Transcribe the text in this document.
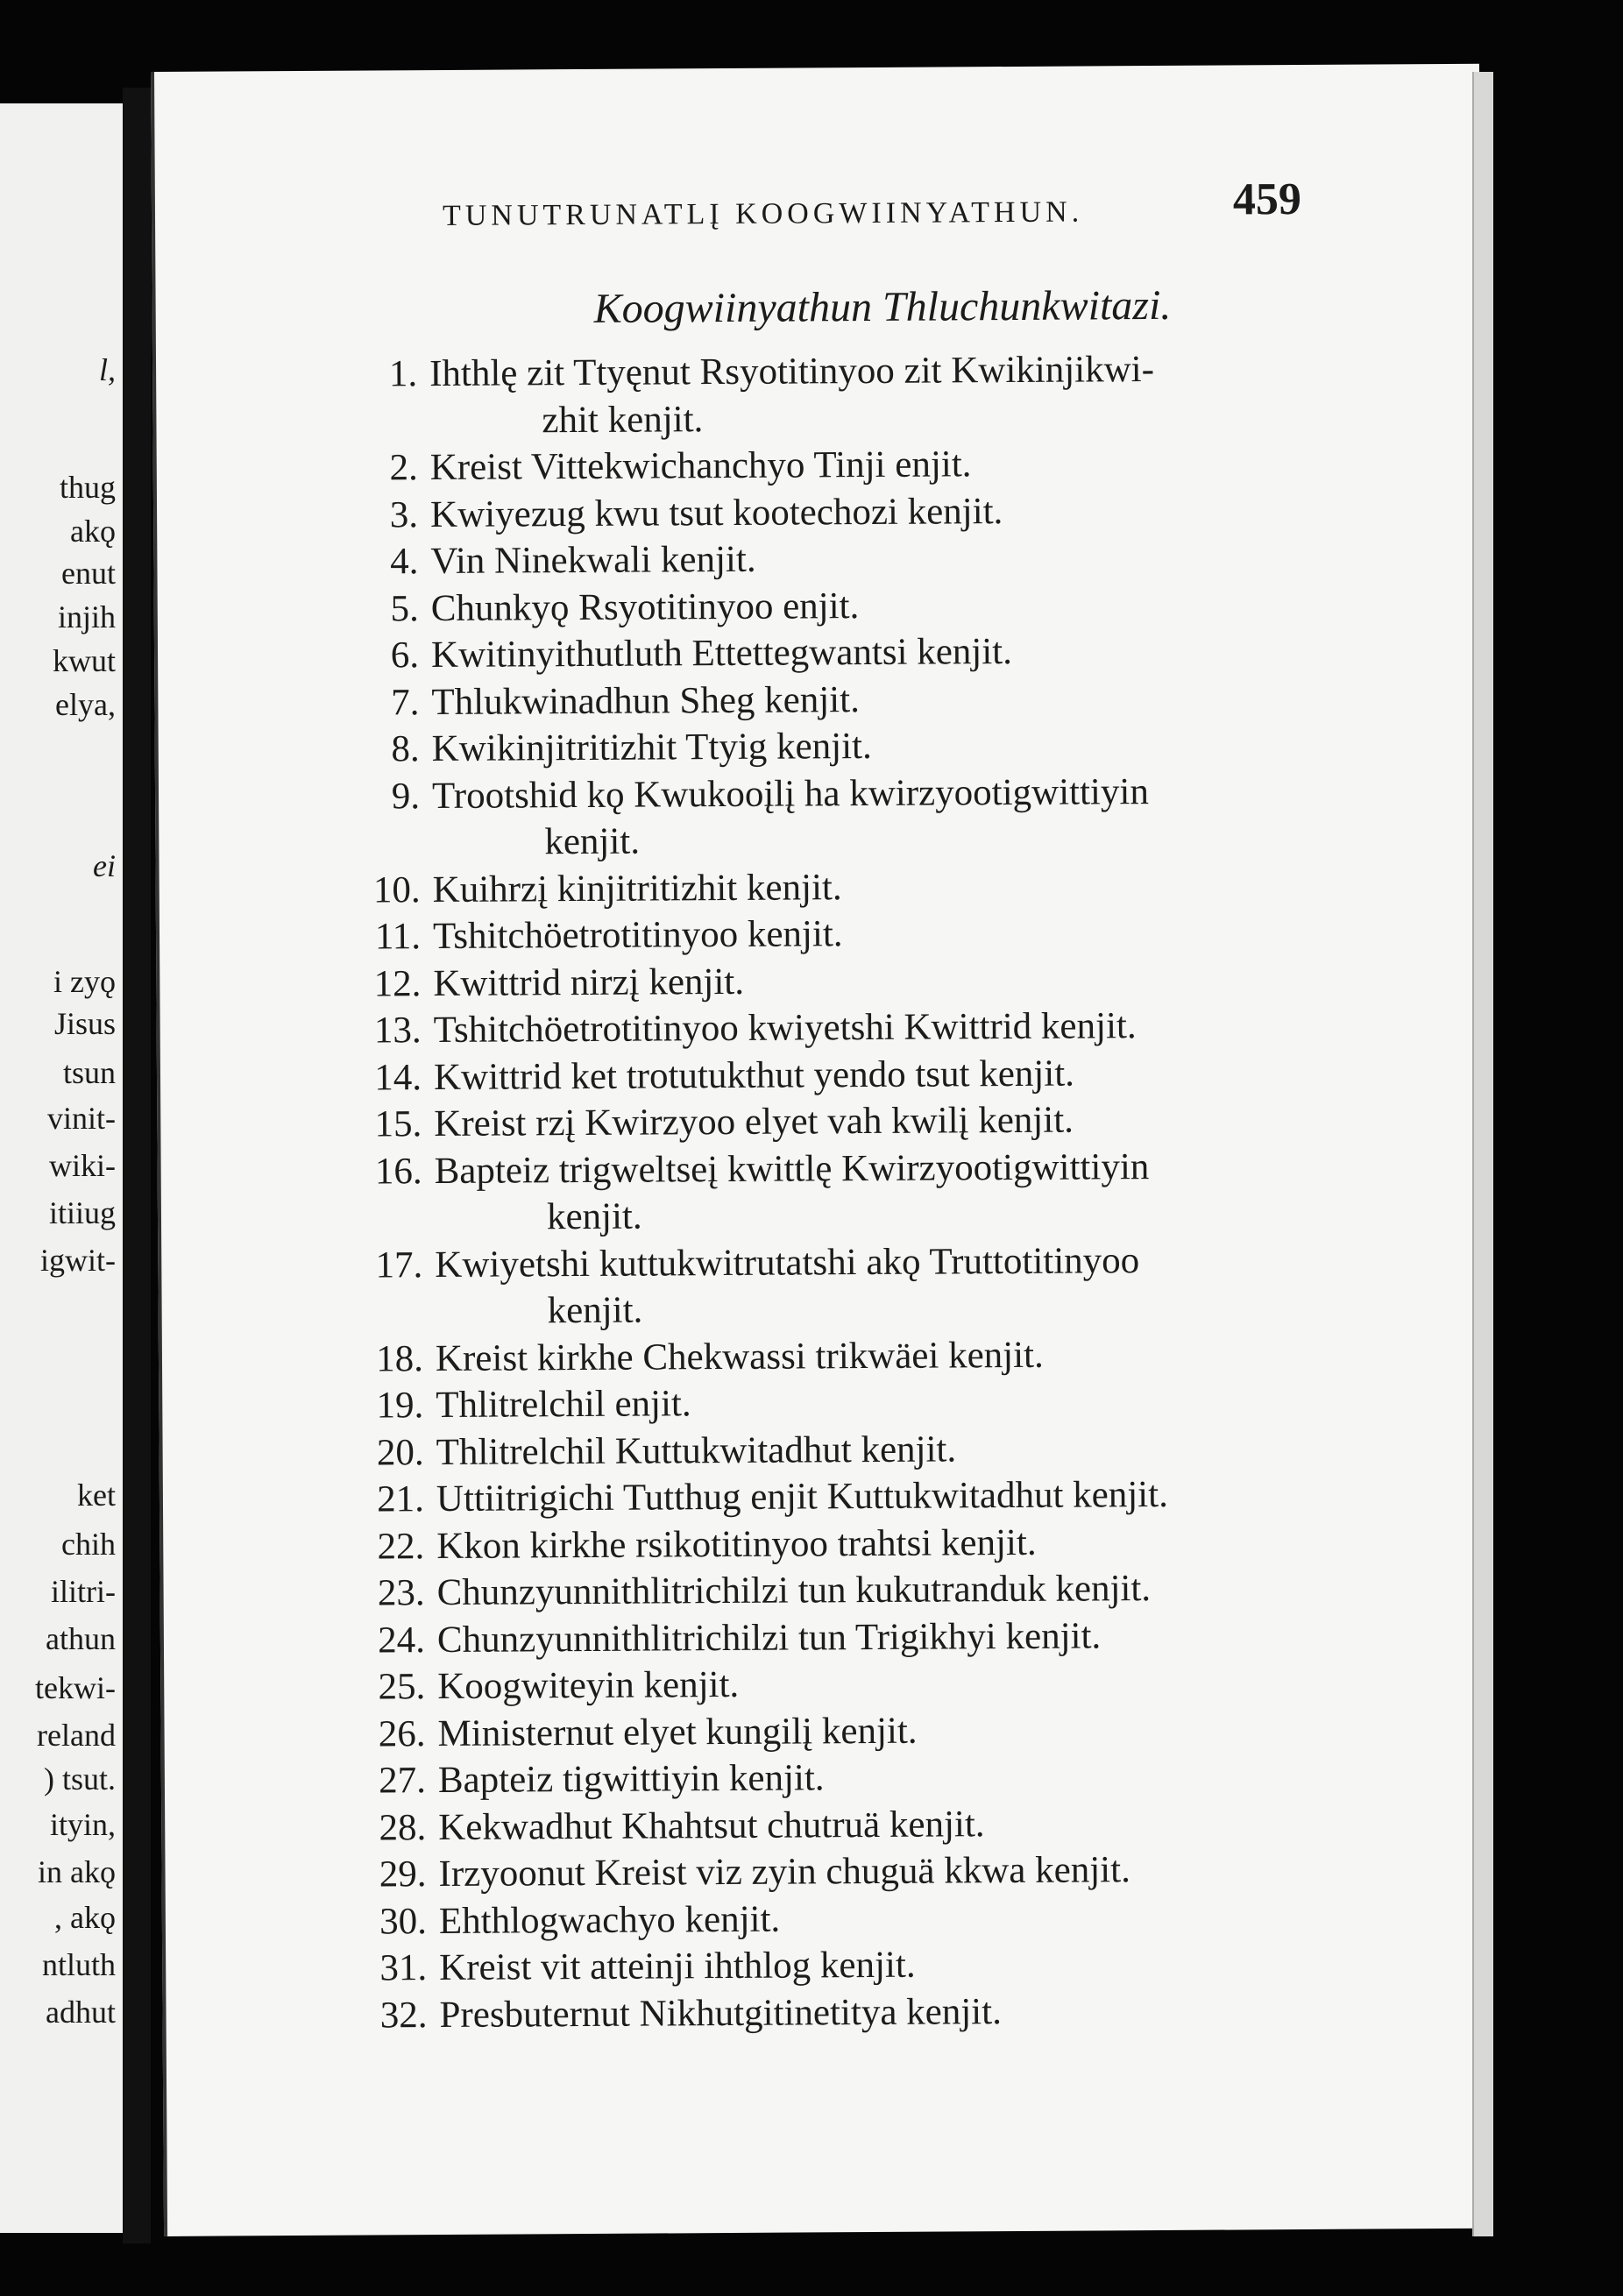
l,
thug
akǫ
enut
injih
kwut
elya,
ei
i zyǫ
Jisus
tsun
vinit-
wiki-
itiiug
igwit-
ket
chih
ilitri-
athun
tekwi-
reland
) tsut.
ityin,
in akǫ
, akǫ
ntluth
adhut
TUNUTRUNATLĮ KOOGWIINYATHUN.	459
Koogwiinyathun Thluchunkwitazi.
1. Ihthlę zit Ttyęnut Rsyotitinyoo zit Kwikinjikwi-
zhit kenjit.
2. Kreist Vittekwichanchyo Tinji enjit.
3. Kwiyezug kwu tsut kootechozi kenjit.
4. Vin Ninekwali kenjit.
5. Chunkyǫ Rsyotitinyoo enjit.
6. Kwitinyithutluth Ettettegwantsi kenjit.
7. Thlukwinadhun Sheg kenjit.
8. Kwikinjitritizhit Ttyig kenjit.
9. Trootshid kǫ Kwukooįlį ha kwirzyootigwittiyin
kenjit.
10. Kuihrzį kinjitritizhit kenjit.
11. Tshitchöetrotitinyoo kenjit.
12. Kwittrid nirzį kenjit.
13. Tshitchöetrotitinyoo kwiyetshi Kwittrid kenjit.
14. Kwittrid ket trotutukthut yendo tsut kenjit.
15. Kreist rzį Kwirzyoo elyet vah kwilį kenjit.
16. Bapteiz trigweltseį kwittlę Kwirzyootigwittiyin
kenjit.
17. Kwiyetshi kuttukwitrutatshi akǫ Truttotitinyoo
kenjit.
18. Kreist kirkhe Chekwassi trikwäei kenjit.
19. Thlitrelchil enjit.
20. Thlitrelchil Kuttukwitadhut kenjit.
21. Uttiitrigichi Tutthug enjit Kuttukwitadhut kenjit.
22. Kkon kirkhe rsikotitinyoo trahtsi kenjit.
23. Chunzyunnithlitrichilzi tun kukutranduk kenjit.
24. Chunzyunnithlitrichilzi tun Trigikhyi kenjit.
25. Koogwiteyin kenjit.
26. Ministernut elyet kungilį kenjit.
27. Bapteiz tigwittiyin kenjit.
28. Kekwadhut Khahtsut chutruä kenjit.
29. Irzyoonut Kreist viz zyin chuguä kkwa kenjit.
30. Ehthlogwachyo kenjit.
31. Kreist vit atteinji ihthlog kenjit.
32. Presbuternut Nikhutgitinetitya kenjit.
